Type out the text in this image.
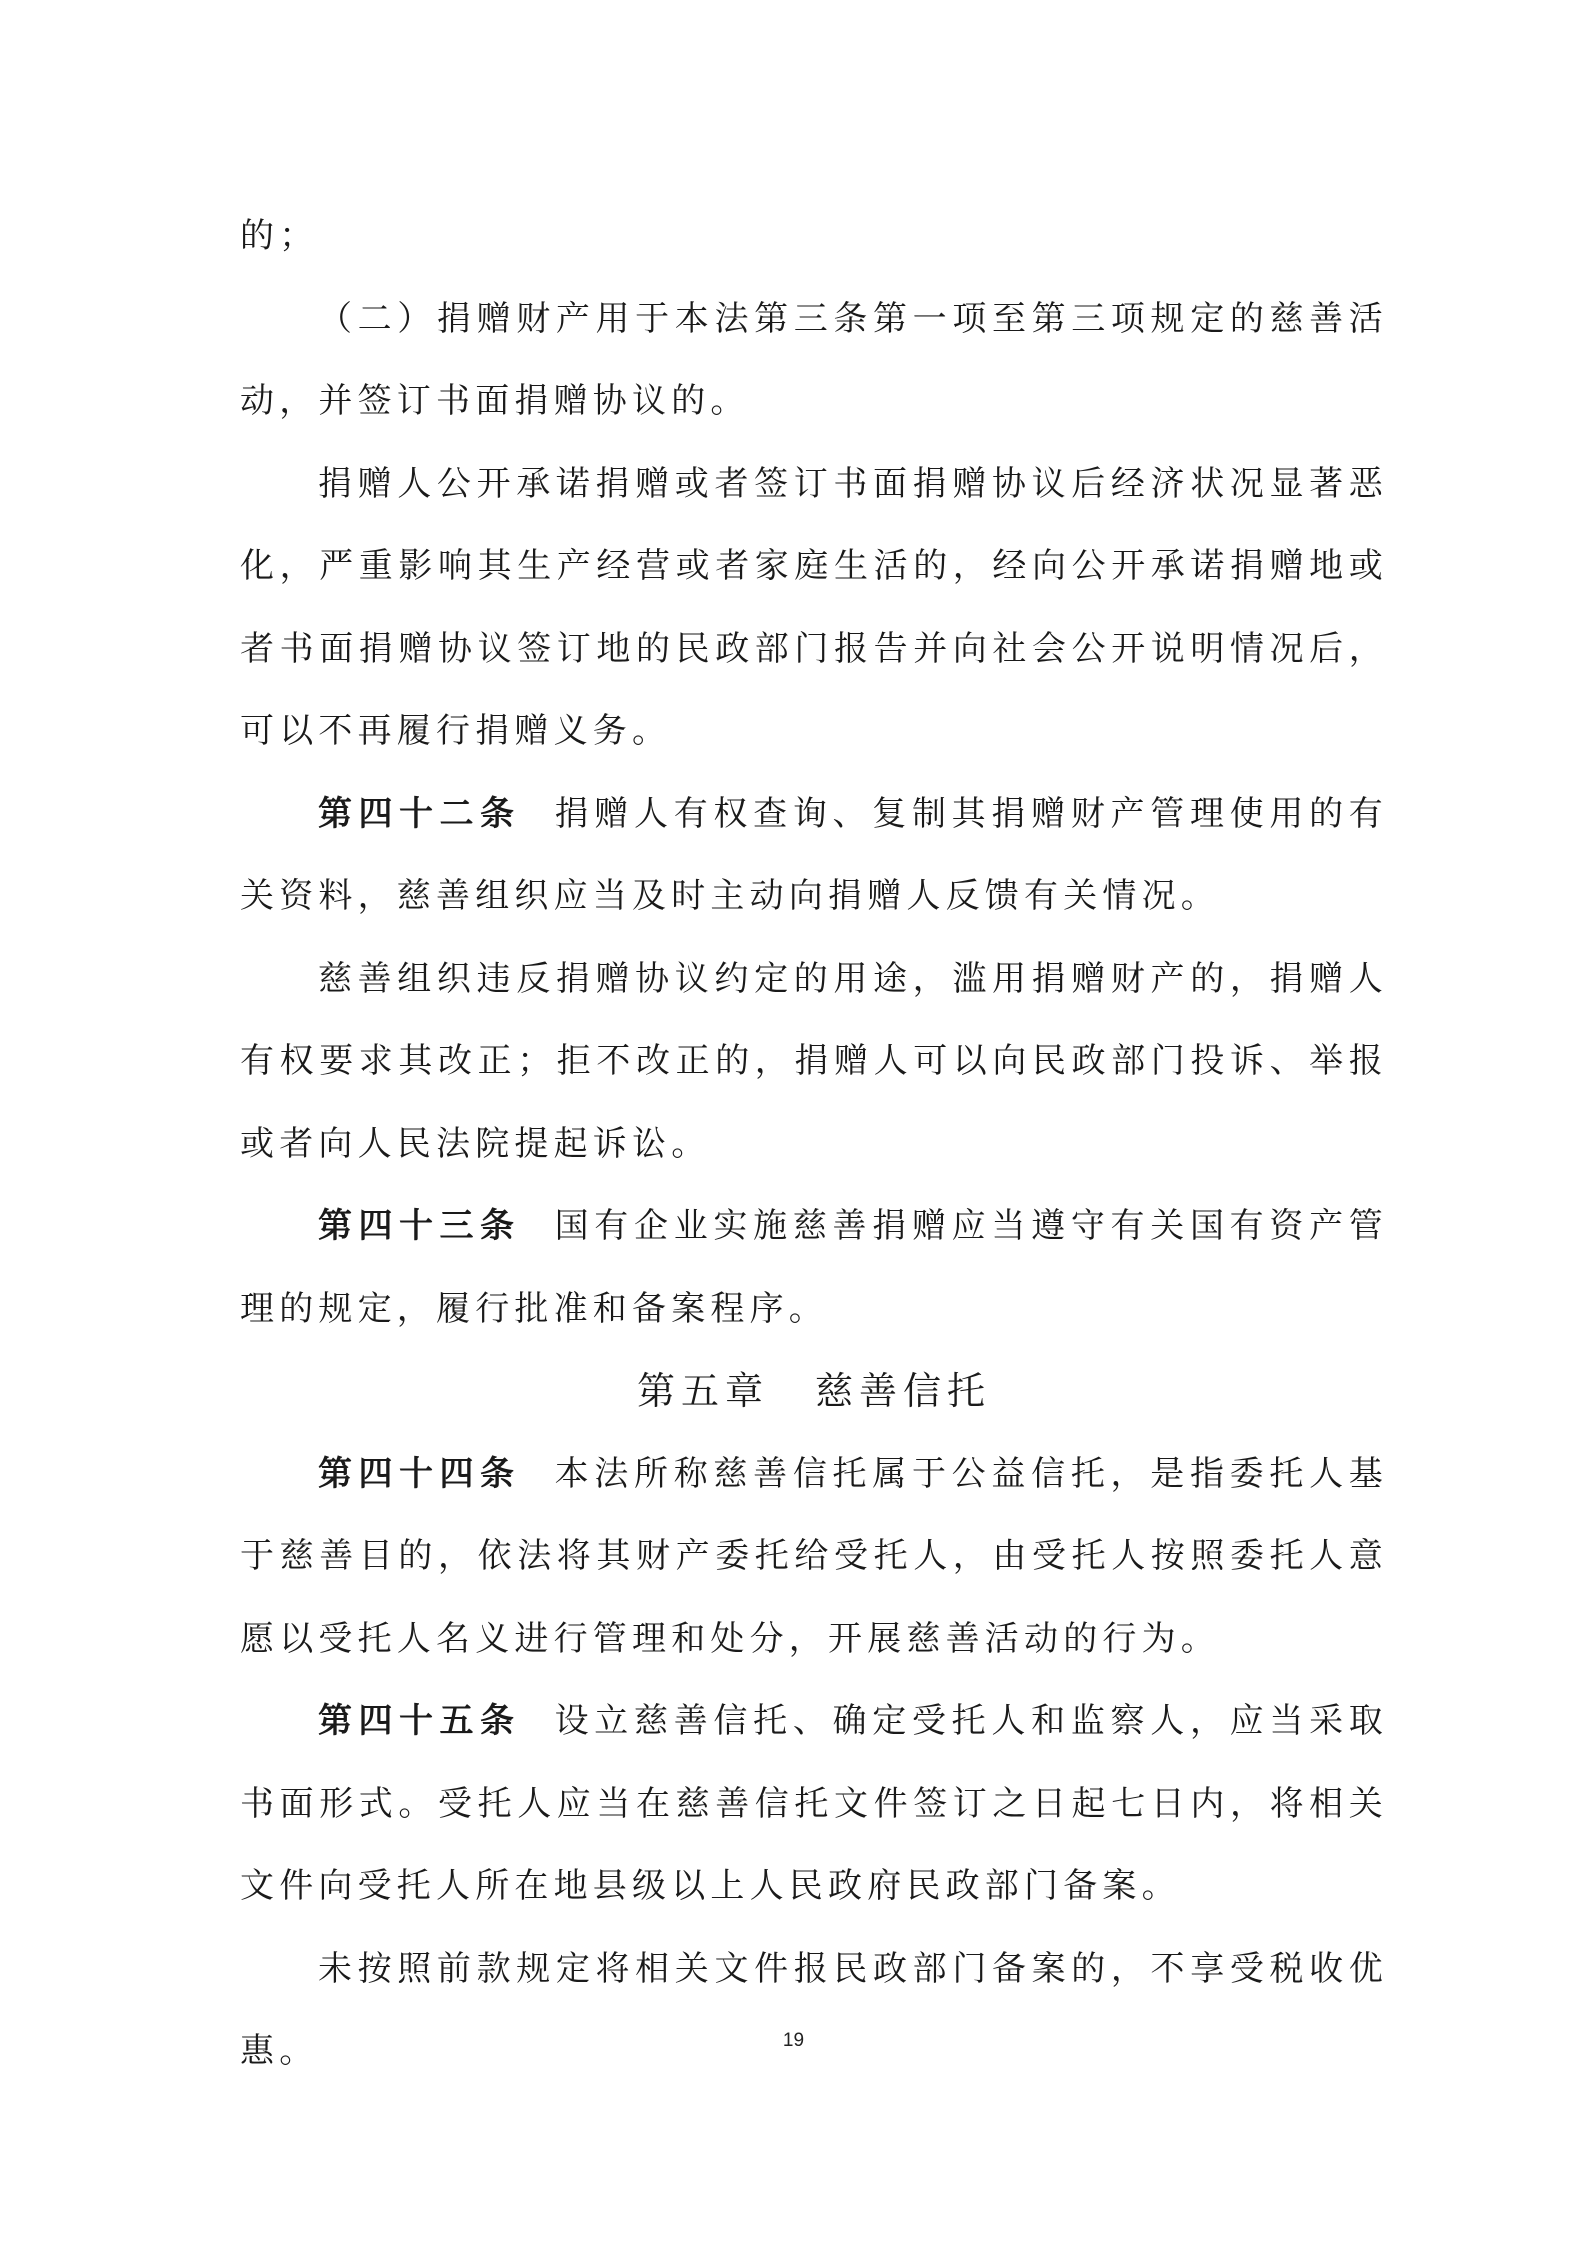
的；

（二）捐赠财产用于本法第三条第一项至第三项规定的慈善活动，并签订书面捐赠协议的。

捐赠人公开承诺捐赠或者签订书面捐赠协议后经济状况显著恶化，严重影响其生产经营或者家庭生活的，经向公开承诺捐赠地或者书面捐赠协议签订地的民政部门报告并向社会公开说明情况后，可以不再履行捐赠义务。

第四十二条 捐赠人有权查询、复制其捐赠财产管理使用的有关资料，慈善组织应当及时主动向捐赠人反馈有关情况。

慈善组织违反捐赠协议约定的用途，滥用捐赠财产的，捐赠人有权要求其改正；拒不改正的，捐赠人可以向民政部门投诉、举报或者向人民法院提起诉讼。

第四十三条 国有企业实施慈善捐赠应当遵守有关国有资产管理的规定，履行批准和备案程序。

第五章 慈善信托

第四十四条 本法所称慈善信托属于公益信托，是指委托人基于慈善目的，依法将其财产委托给受托人，由受托人按照委托人意愿以受托人名义进行管理和处分，开展慈善活动的行为。

第四十五条 设立慈善信托、确定受托人和监察人，应当采取书面形式。受托人应当在慈善信托文件签订之日起七日内，将相关文件向受托人所在地县级以上人民政府民政部门备案。

未按照前款规定将相关文件报民政部门备案的，不享受税收优惠。	19
